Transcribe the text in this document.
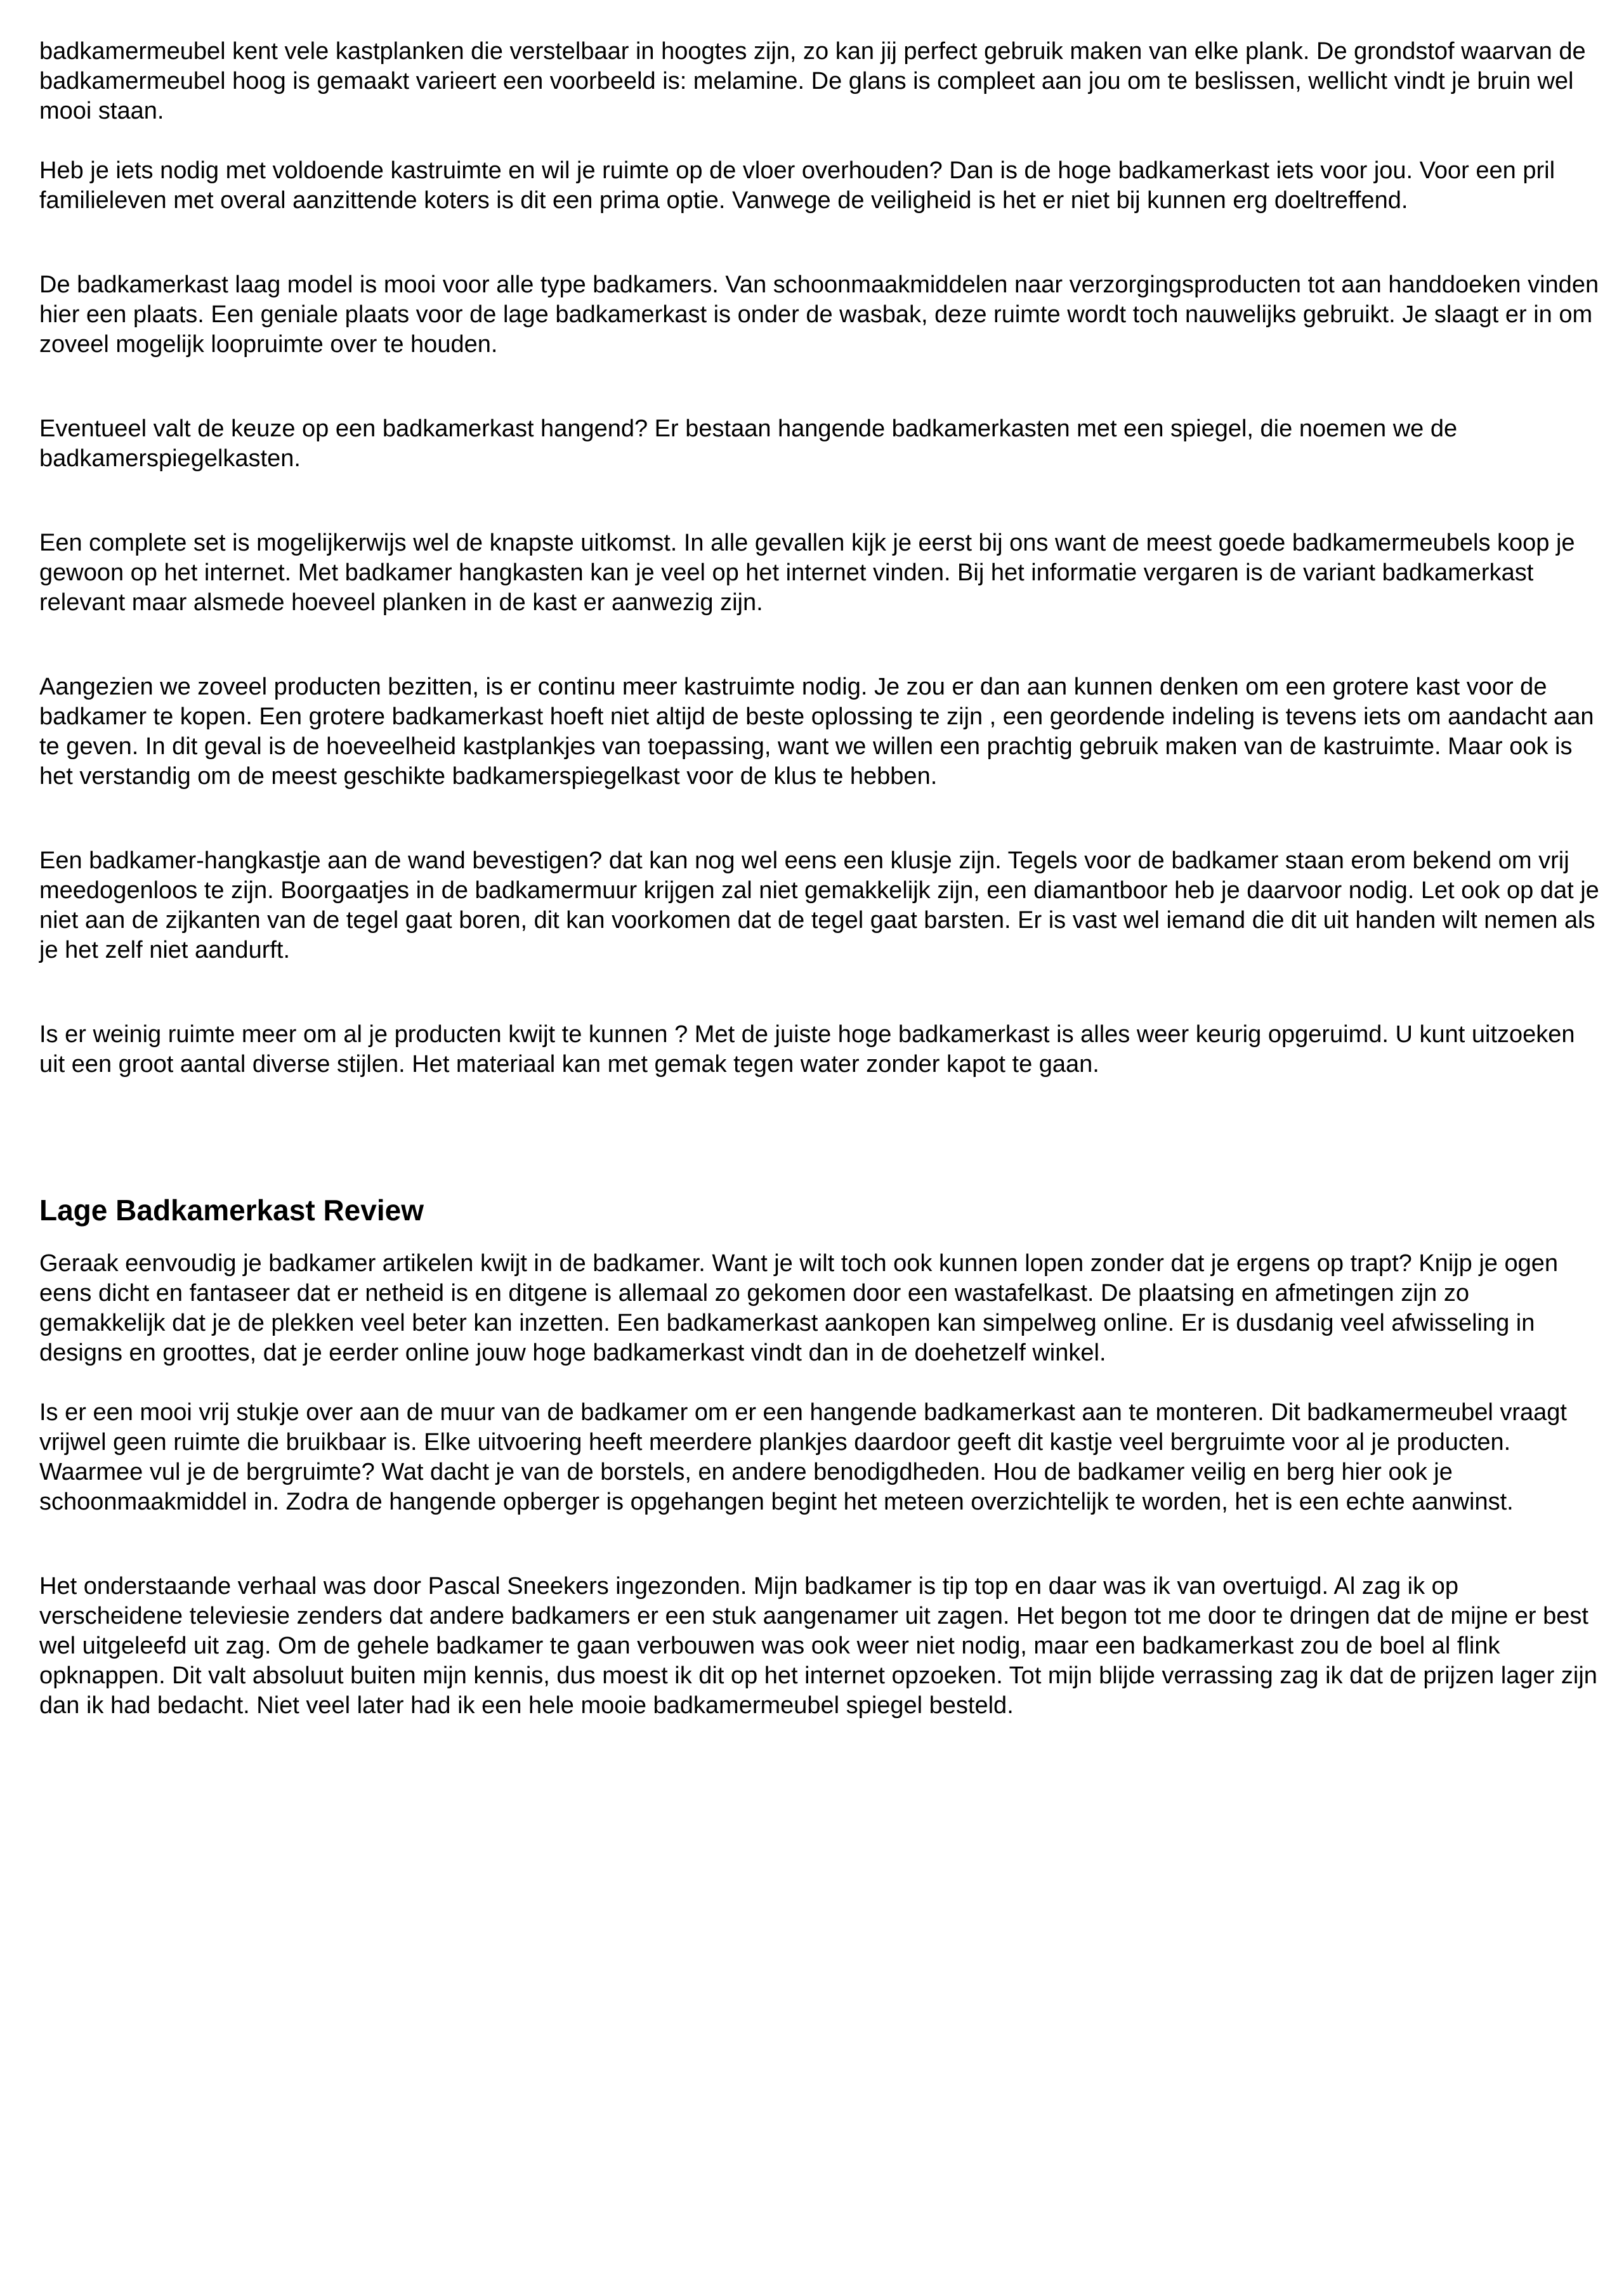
badkamermeubel kent vele kastplanken die verstelbaar in hoogtes zijn, zo kan jij perfect gebruik maken van elke plank. De grondstof waarvan de badkamermeubel hoog is gemaakt varieert een voorbeeld is: melamine. De glans is compleet aan jou om te beslissen, wellicht vindt je bruin wel mooi staan.

Heb je iets nodig met voldoende kastruimte en wil je ruimte op de vloer overhouden? Dan is de hoge badkamerkast iets voor jou. Voor een pril familieleven met overal aanzittende koters is dit een prima optie. Vanwege de veiligheid is het er niet bij kunnen erg doeltreffend.

De badkamerkast laag model is mooi voor alle type badkamers. Van schoonmaakmiddelen naar verzorgingsproducten tot aan handdoeken vinden hier een plaats. Een geniale plaats voor de lage badkamerkast is onder de wasbak, deze ruimte wordt toch nauwelijks gebruikt. Je slaagt er in om zoveel mogelijk loopruimte over te houden.

Eventueel valt de keuze op een badkamerkast hangend? Er bestaan hangende badkamerkasten met een spiegel, die noemen we de badkamerspiegelkasten.

Een complete set is mogelijkerwijs wel de knapste uitkomst. In alle gevallen kijk je eerst bij ons want de meest goede badkamermeubels koop je gewoon op het internet. Met badkamer hangkasten kan je veel op het internet vinden. Bij het informatie vergaren is de variant badkamerkast relevant maar alsmede hoeveel planken in de kast er aanwezig zijn.

Aangezien we zoveel producten bezitten, is er continu meer kastruimte nodig. Je zou er dan aan kunnen denken om een grotere kast voor de badkamer te kopen. Een grotere badkamerkast hoeft niet altijd de beste oplossing te zijn , een geordende indeling is tevens iets om aandacht aan te geven. In dit geval is de hoeveelheid kastplankjes van toepassing, want we willen een prachtig gebruik maken van de kastruimte. Maar ook is het verstandig om de meest geschikte badkamerspiegelkast voor de klus te hebben.

Een badkamer-hangkastje aan de wand bevestigen? dat kan nog wel eens een klusje zijn. Tegels voor de badkamer staan erom bekend om vrij meedogenloos te zijn. Boorgaatjes in de badkamermuur krijgen zal niet gemakkelijk zijn, een diamantboor heb je daarvoor nodig. Let ook op dat je niet aan de zijkanten van de tegel gaat boren, dit kan voorkomen dat de tegel gaat barsten. Er is vast wel iemand die dit uit handen wilt nemen als je het zelf niet aandurft.

Is er weinig ruimte meer om al je producten kwijt te kunnen ? Met de juiste hoge badkamerkast is alles weer keurig opgeruimd. U kunt uitzoeken uit een groot aantal diverse stijlen. Het materiaal kan met gemak tegen water zonder kapot te gaan.

Lage Badkamerkast Review

Geraak eenvoudig je badkamer artikelen kwijt in de badkamer. Want je wilt toch ook kunnen lopen zonder dat je ergens op trapt? Knijp je ogen eens dicht en fantaseer dat er netheid is en ditgene is allemaal zo gekomen door een wastafelkast. De plaatsing en afmetingen zijn zo gemakkelijk dat je de plekken veel beter kan inzetten. Een badkamerkast aankopen kan simpelweg online. Er is dusdanig veel afwisseling in designs en groottes, dat je eerder online jouw hoge badkamerkast vindt dan in de doehetzelf winkel.

Is er een mooi vrij stukje over aan de muur van de badkamer om er een hangende badkamerkast aan te monteren. Dit badkamermeubel vraagt vrijwel geen ruimte die bruikbaar is. Elke uitvoering heeft meerdere plankjes daardoor geeft dit kastje veel bergruimte voor al je producten. Waarmee vul je de bergruimte? Wat dacht je van de borstels, en andere benodigdheden. Hou de badkamer veilig en berg hier ook je schoonmaakmiddel in. Zodra de hangende opberger is opgehangen begint het meteen overzichtelijk te worden, het is een echte aanwinst.

Het onderstaande verhaal was door Pascal Sneekers ingezonden. Mijn badkamer is tip top en daar was ik van overtuigd. Al zag ik op verscheidene televiesie zenders dat andere badkamers er een stuk aangenamer uit zagen. Het begon tot me door te dringen dat de mijne er best wel uitgeleefd uit zag. Om de gehele badkamer te gaan verbouwen was ook weer niet nodig, maar een badkamerkast zou de boel al flink opknappen. Dit valt absoluut buiten mijn kennis, dus moest ik dit op het internet opzoeken. Tot mijn blijde verrassing zag ik dat de prijzen lager zijn dan ik had bedacht. Niet veel later had ik een hele mooie badkamermeubel spiegel besteld.
